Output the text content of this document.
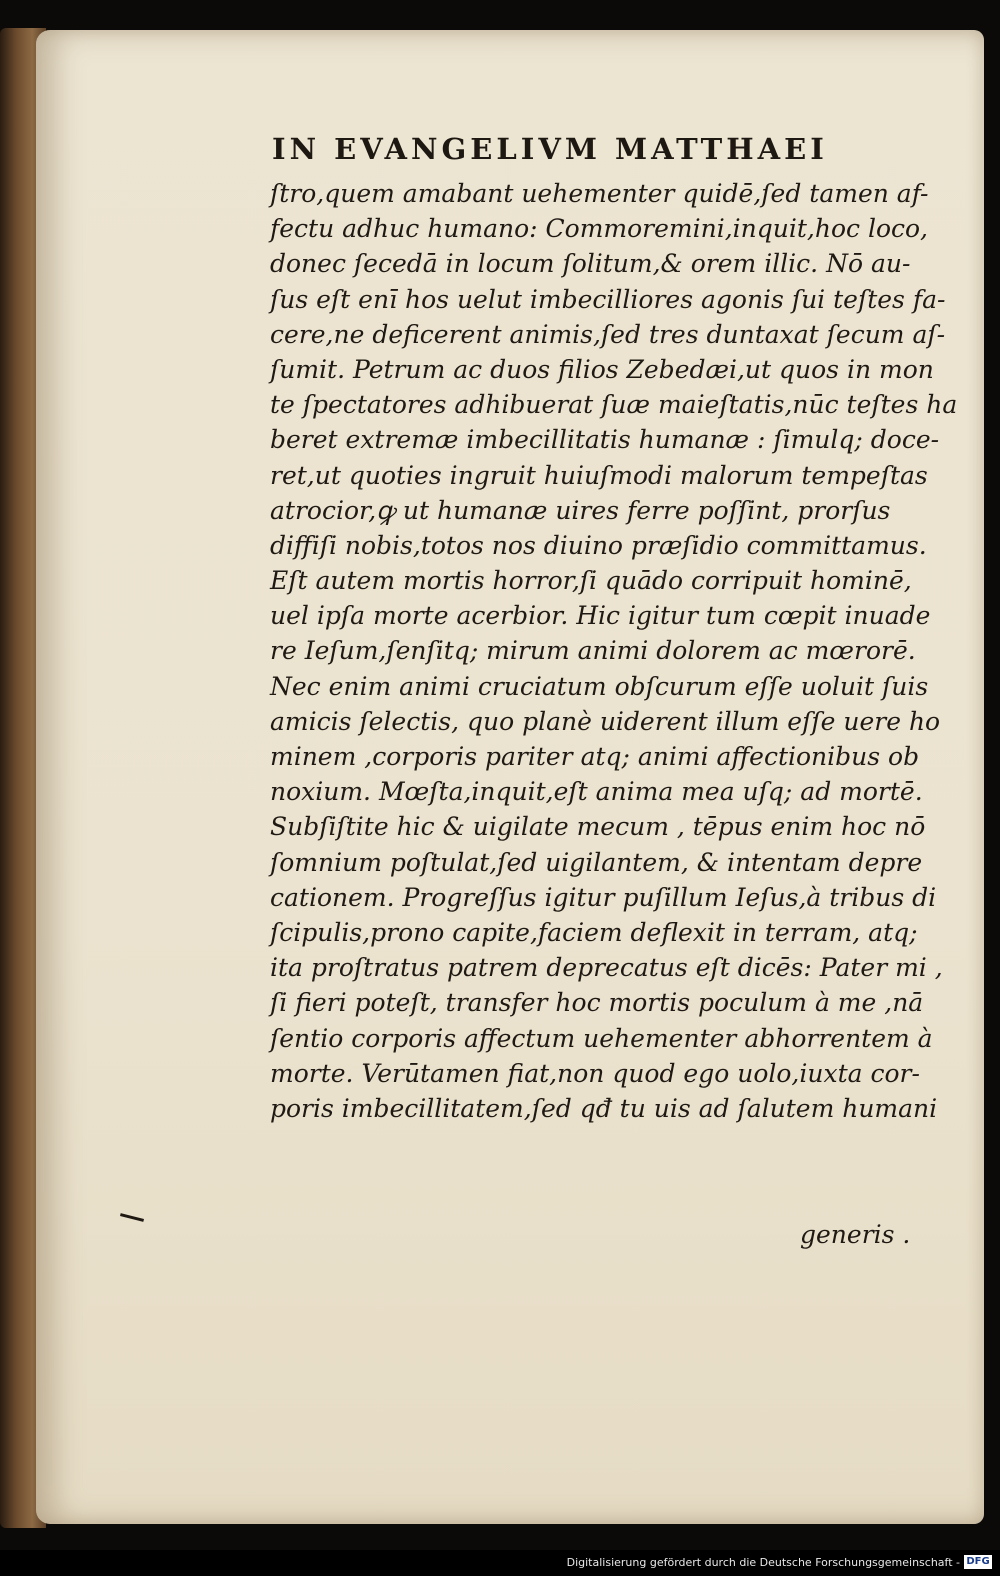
IN EVANGELIVM MATTHAEI
ſtro,quem amabant uehementer quidē,ſed tamen af-
fectu adhuc humano: Commoremini,inquit,hoc loco,
donec ſecedā in locum ſolitum,& orem illic. Nō au-
ſus eſt enī hos uelut imbecilliores agonis ſui teſtes fa-
cere,ne deficerent animis,ſed tres duntaxat ſecum aſ-
ſumit. Petrum ac duos filios Zebedæi,ut quos in mon
te ſpectatores adhibuerat ſuæ maieſtatis,nūc teſtes ha
beret extremæ imbecillitatis humanæ : ſimulq; doce-
ret,ut quoties ingruit huiuſmodi malorum tempeſtas
atrocior,ꝙ ut humanæ uires ferre poſſint, prorſus
diffiſi nobis,totos nos diuino præſidio committamus.
Eſt autem mortis horror,ſi quādo corripuit hominē,
uel ipſa morte acerbior. Hic igitur tum cœpit inuade
re Ieſum,ſenſitq; mirum animi dolorem ac mœrorē.
Nec enim animi cruciatum obſcurum eſſe uoluit ſuis
amicis ſelectis, quo planè uiderent illum eſſe uere ho
minem ,corporis pariter atq; animi affectionibus ob
noxium. Mœſta,inquit,eſt anima mea uſq; ad mortē.
Subſiſtite hic & uigilate mecum , tēpus enim hoc nō
ſomnium poſtulat,ſed uigilantem, & intentam depre
cationem. Progreſſus igitur puſillum Ieſus,à tribus di
ſcipulis,prono capite,faciem deflexit in terram, atq;
ita proſtratus patrem deprecatus eſt dicēs: Pater mi ,
ſi fieri poteſt, transfer hoc mortis poculum à me ,nā
ſentio corporis affectum uehementer abhorrentem à
morte. Verūtamen fiat,non quod ego uolo,iuxta cor-
poris imbecillitatem,ſed qđ tu uis ad ſalutem humani
generis .
Digitalisierung gefördert durch die Deutsche Forschungsgemeinschaft - DFG
